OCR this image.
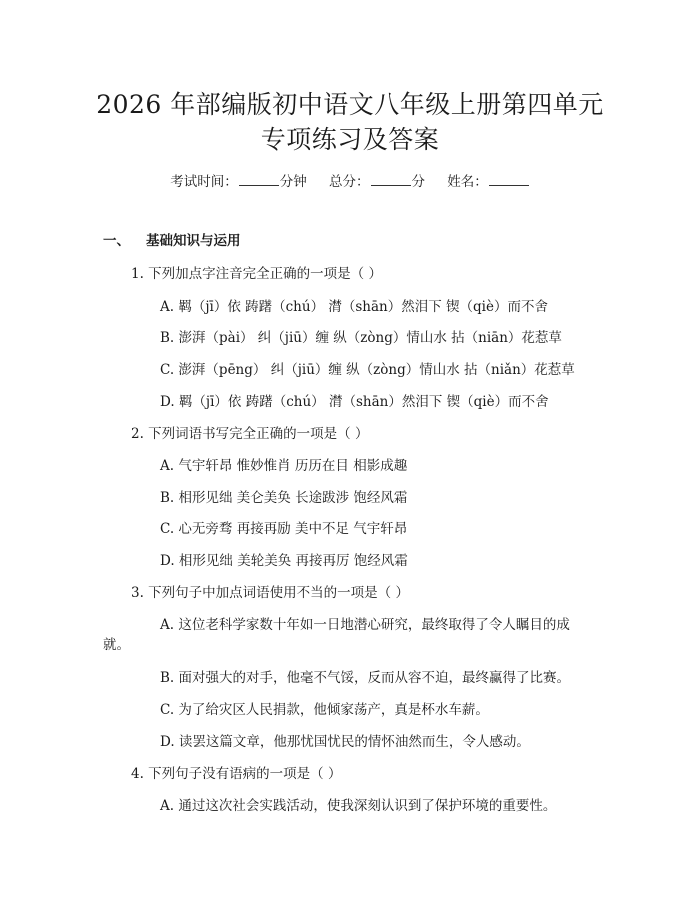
2026 年部编版初中语文八年级上册第四单元
专项练习及答案
考试时间：	分钟 总分：	分 姓名：
一、 基础知识与运用
1. 下列加点字注音完全正确的一项是（ ）
A. 羁（jī）依 踌躇（chú） 潸（shān）然泪下 锲（qiè）而不舍
B. 澎湃（pài） 纠（jiū）缠 纵（zòng）情山水 拈（niān）花惹草
C. 澎湃（pēng） 纠（jiū）缠 纵（zòng）情山水 拈（niǎn）花惹草
D. 羁（jī）依 踌躇（chú） 潸（shān）然泪下 锲（qiè）而不舍
2. 下列词语书写完全正确的一项是（ ）
A. 气宇轩昂 惟妙惟肖 历历在目 相影成趣
B. 相形见绌 美仑美奂 长途跋涉 饱经风霜
C. 心无旁骛 再接再励 美中不足 气宇轩昂
D. 相形见绌 美轮美奂 再接再厉 饱经风霜
3. 下列句子中加点词语使用不当的一项是（ ）
A. 这位老科学家数十年如一日地潜心研究，最终取得了令人瞩目的成
就。
B. 面对强大的对手，他毫不气馁，反而从容不迫，最终赢得了比赛。
C. 为了给灾区人民捐款，他倾家荡产，真是杯水车薪。
D. 读罢这篇文章，他那忧国忧民的情怀油然而生，令人感动。
4. 下列句子没有语病的一项是（ ）
A. 通过这次社会实践活动，使我深刻认识到了保护环境的重要性。
